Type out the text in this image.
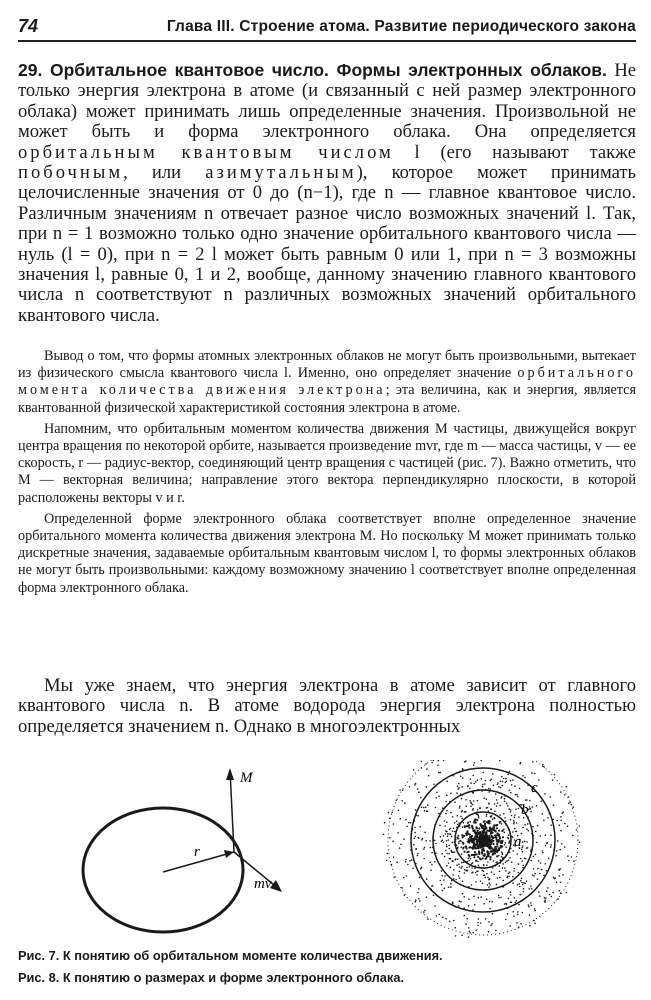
74	Глава III. Строение атома. Развитие периодического закона

29. Орбитальное квантовое число. Формы электронных облаков. Не только энергия электрона в атоме (и связанный с ней размер электронного облака) может принимать лишь определенные значения. Произвольной не может быть и форма электронного облака. Она определяется орбитальным квантовым числом l (его называют также побочным, или азимутальным), которое может принимать целочисленные значения от 0 до (n−1), где n — главное квантовое число. Различным значениям n отвечает разное число возможных значений l. Так, при n = 1 возможно только одно значение орбитального квантового числа — нуль (l = 0), при n = 2 l может быть равным 0 или 1, при n = 3 возможны значения l, равные 0, 1 и 2, вообще, данному значению главного квантового числа n соответствуют n различных возможных значений орбитального квантового числа.

Вывод о том, что формы атомных электронных облаков не могут быть произвольными, вытекает из физического смысла квантового числа l. Именно, оно определяет значение орбитального момента количества движения электрона; эта величина, как и энергия, является квантованной физической характеристикой состояния электрона в атоме.

Напомним, что орбитальным моментом количества движения M частицы, движущейся вокруг центра вращения по некоторой орбите, называется произведение mvr, где m — масса частицы, v — ее скорость, r — радиус-вектор, соединяющий центр вращения с частицей (рис. 7). Важно отметить, что M — векторная величина; направление этого вектора перпендикулярно плоскости, в которой расположены векторы v и r.

Определенной форме электронного облака соответствует вполне определенное значение орбитального момента количества движения электрона M. Но поскольку M может принимать только дискретные значения, задаваемые орбитальным квантовым числом l, то формы электронных облаков не могут быть произвольными: каждому возможному значению l соответствует вполне определенная форма электронного облака.

Мы уже знаем, что энергия электрона в атоме зависит от главного квантового числа n. В атоме водорода энергия электрона полностью определяется значением n. Однако в многоэлектронных

M
r
mv
a
b
c
Рис. 7. К понятию об орбитальном моменте количества движения.
Рис. 8. К понятию о размерах и форме электронного облака.
